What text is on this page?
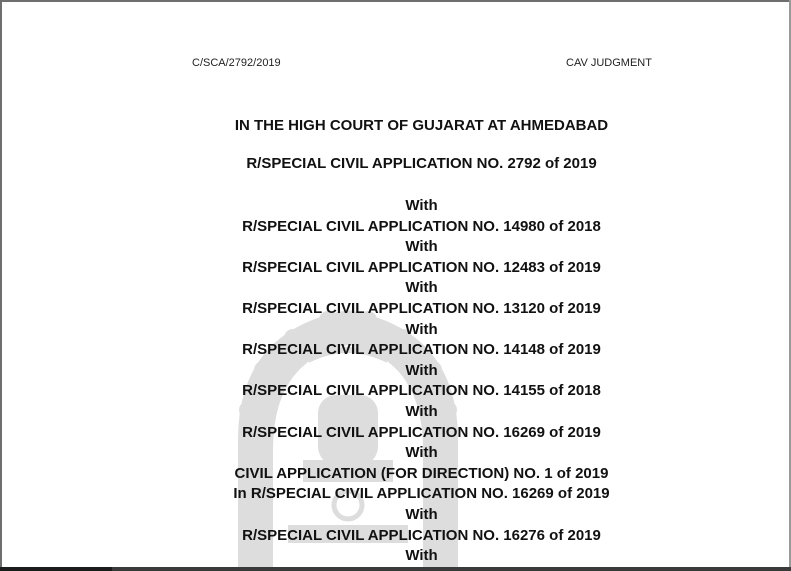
C/SCA/2792/2019	CAV JUDGMENT
IN THE HIGH COURT OF GUJARAT AT AHMEDABAD
R/SPECIAL CIVIL APPLICATION NO. 2792 of 2019
With
R/SPECIAL CIVIL APPLICATION NO. 14980 of 2018
With
R/SPECIAL CIVIL APPLICATION NO. 12483 of 2019
With
R/SPECIAL CIVIL APPLICATION NO. 13120 of 2019
With
R/SPECIAL CIVIL APPLICATION NO. 14148 of 2019
With
R/SPECIAL CIVIL APPLICATION NO. 14155 of 2018
With
R/SPECIAL CIVIL APPLICATION NO. 16269 of 2019
With
CIVIL APPLICATION (FOR DIRECTION) NO. 1 of 2019
In R/SPECIAL CIVIL APPLICATION NO. 16269 of 2019
With
R/SPECIAL CIVIL APPLICATION NO. 16276 of 2019
With
